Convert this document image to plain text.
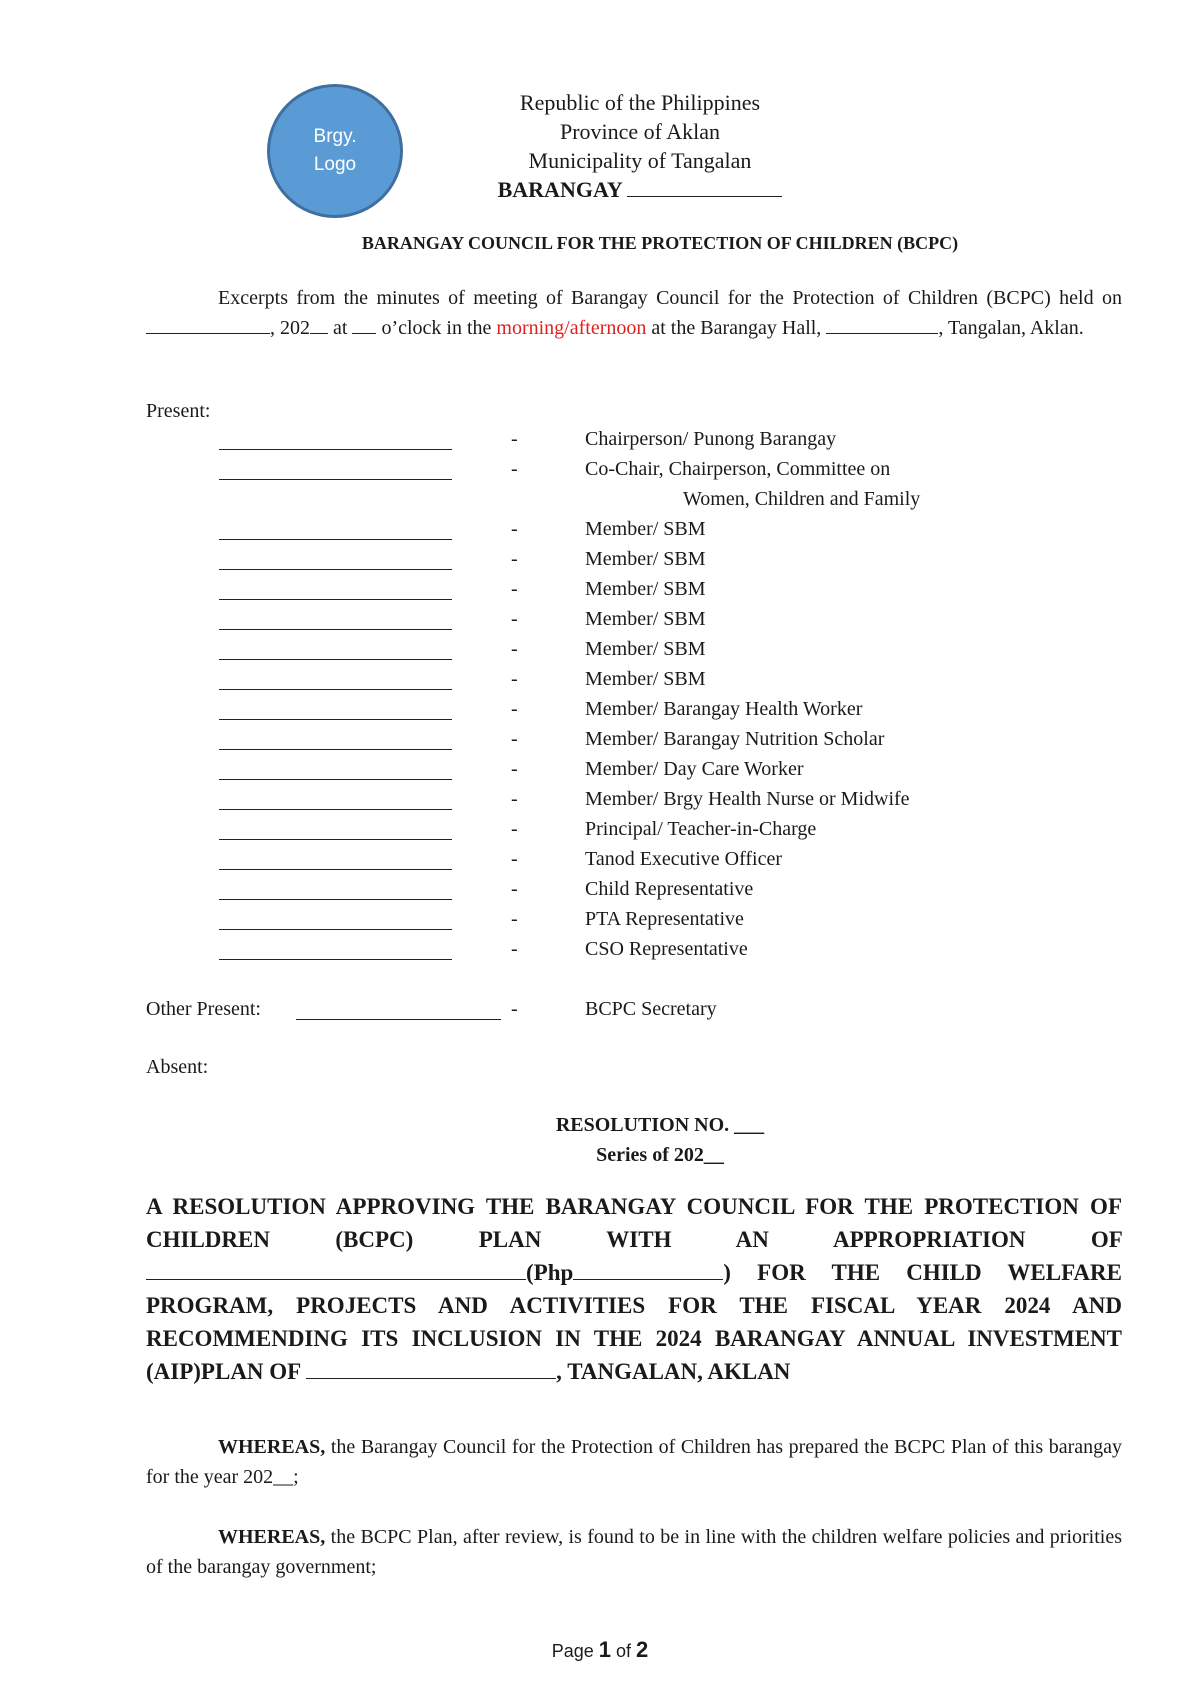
Brgy.
Logo
Republic of the Philippines
Province of Aklan
Municipality of Tangalan
BARANGAY
BARANGAY COUNCIL FOR THE PROTECTION OF CHILDREN (BCPC)
Excerpts from the minutes of meeting of Barangay Council for the Protection of Children (BCPC) held on , 202 at  o’clock in the morning/afternoon at the Barangay Hall,	, Tangalan, Aklan.
Present:
-	Chairperson/ Punong Barangay
-	Co-Chair, Chairperson, Committee on
Women, Children and Family
-	Member/ SBM
-	Member/ SBM
-	Member/ SBM
-	Member/ SBM
-	Member/ SBM
-	Member/ SBM
-	Member/ Barangay Health Worker
-	Member/ Barangay Nutrition Scholar
-	Member/ Day Care Worker
-	Member/ Brgy Health Nurse or Midwife
-	Principal/ Teacher-in-Charge
-	Tanod Executive Officer
-	Child Representative
-	PTA Representative
-	CSO Representative
Other Present:	-	BCPC Secretary
Absent:
RESOLUTION NO. ___
Series of 202__
A RESOLUTION APPROVING THE BARANGAY COUNCIL FOR THE PROTECTION OF CHILDREN (BCPC) PLAN WITH AN APPROPRIATION OF (Php	) FOR THE CHILD WELFARE PROGRAM, PROJECTS AND ACTIVITIES FOR THE FISCAL YEAR 2024 AND RECOMMENDING ITS INCLUSION IN THE 2024 BARANGAY ANNUAL INVESTMENT (AIP)PLAN OF	, TANGALAN, AKLAN
WHEREAS, the Barangay Council for the Protection of Children has prepared the BCPC Plan of this barangay for the year 202__;
WHEREAS, the BCPC Plan, after review, is found to be in line with the children welfare policies and priorities of the barangay government;
Page 1 of 2
